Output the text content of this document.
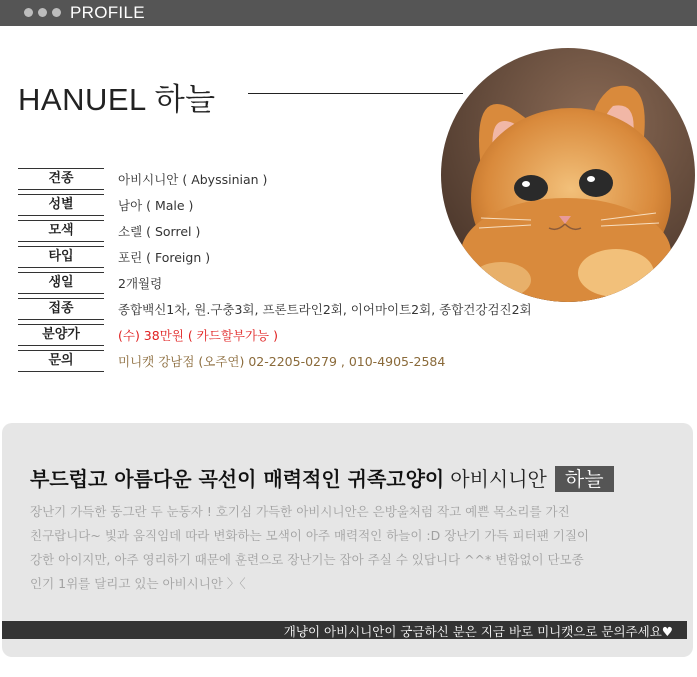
PROFILE
HANUEL 하늘
견종	아비시니안 ( Abyssinian )
성별	남아 ( Male )
모색	소렐 ( Sorrel )
타입	포린 ( Foreign )
생일	2개월령
접종	종합백신1차, 원.구충3회, 프론트라인2회, 이어마이트2회, 종합건강검진2회
분양가	(수) 38만원 ( 카드할부가능 )
문의	미니캣 강남점 (오주연) 02-2205-0279 , 010-4905-2584
부드럽고 아름다운 곡선이 매력적인 귀족고양이 아비시니안 하늘
장난기 가득한 동그란 두 눈동자 ! 호기심 가득한 아비시니안은 은방울처럼 작고 예쁜 목소리를 가진
친구랍니다~ 빛과 움직임데 따라 변화하는 모색이 아주 매력적인 하늘이 :D 장난기 가득 피터팬 기질이
강한 아이지만, 아주 영리하기 때문에 훈련으로 장난기는 잡아 주실 수 있답니다 ^^* 변함없이 단모종
인기 1위를 달리고 있는 아비시니안 〉〈
개냥이 아비시니안이 궁금하신 분은 지금 바로 미니캣으로 문의주세요♥
